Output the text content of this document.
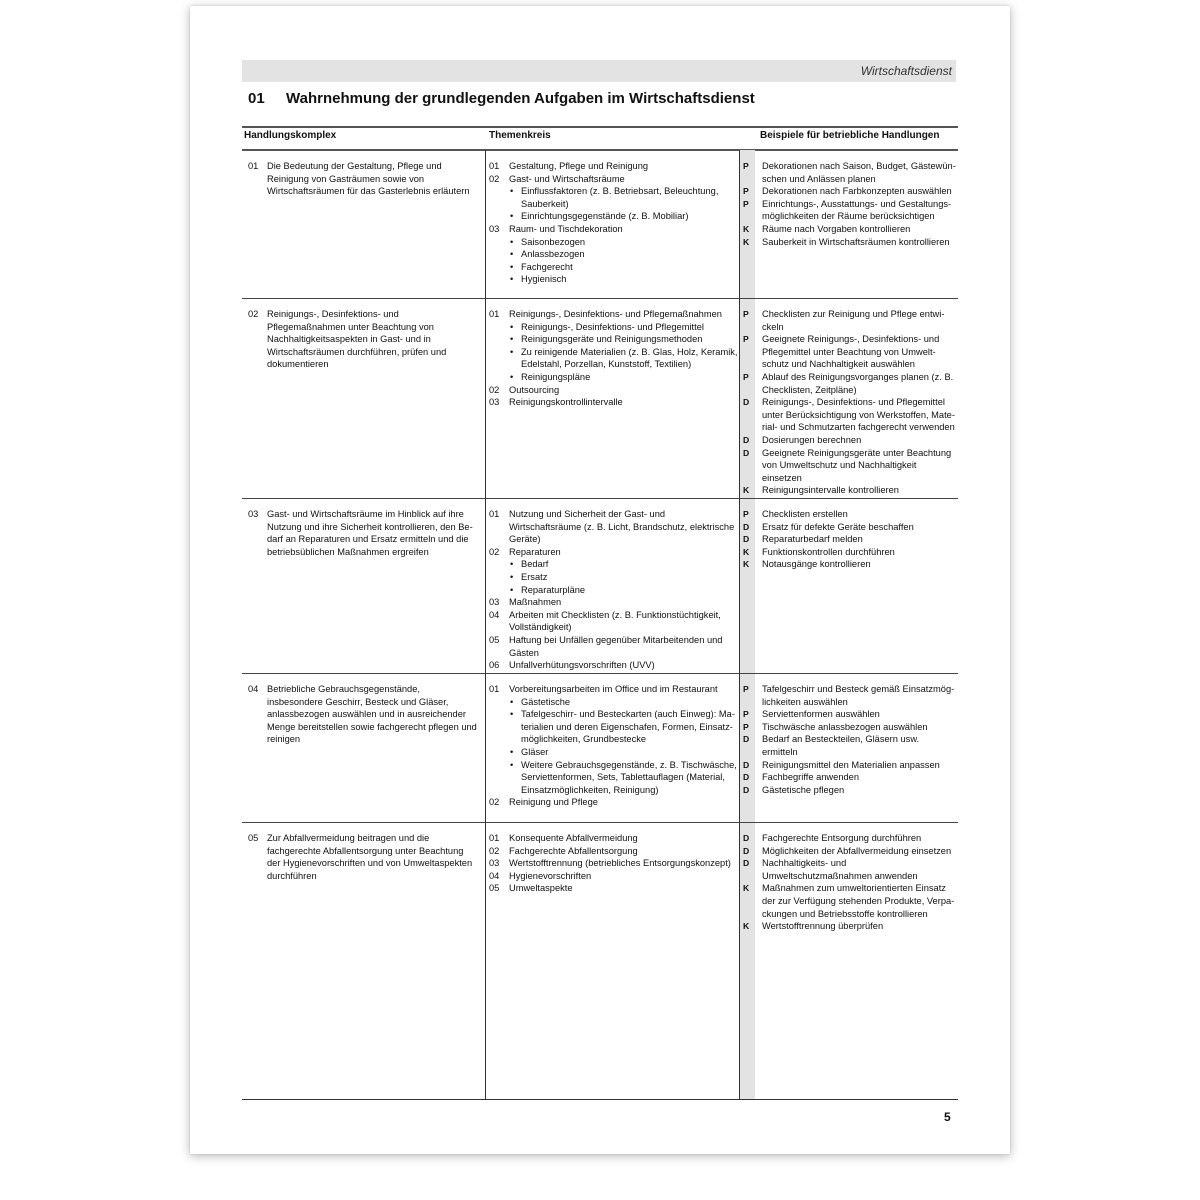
Wirtschaftsdienst
01 Wahrnehmung der grundlegenden Aufgaben im Wirtschaftsdienst
Handlungskomplex	Themenkreis	Beispiele für betriebliche Handlungen
01 Die Bedeutung der Gestaltung, Pflege und Reinigung von Gasträumen sowie von Wirtschaftsräumen für das Gasterlebnis erläutern
01 Gestaltung, Pflege und Reinigung
02 Gast- und Wirtschaftsräume
• Einflussfaktoren (z. B. Betriebsart, Beleuchtung, Sauberkeit)
• Einrichtungsgegenstände (z. B. Mobiliar)
03 Raum- und Tischdekoration
• Saisonbezogen
• Anlassbezogen
• Fachgerecht
• Hygienisch
P Dekorationen nach Saison, Budget, Gästewünschen und Anlässen planen
P Dekorationen nach Farbkonzepten auswählen
P Einrichtungs-, Ausstattungs- und Gestaltungsmöglichkeiten der Räume berücksichtigen
K Räume nach Vorgaben kontrollieren
K Sauberkeit in Wirtschaftsräumen kontrollieren
02 Reinigungs-, Desinfektions- und Pflegemaßnahmen unter Beachtung von Nachhaltigkeitsaspekten in Gast- und in Wirtschaftsräumen durchführen, prüfen und dokumentieren
01 Reinigungs-, Desinfektions- und Pflegemaßnahmen
• Reinigungs-, Desinfektions- und Pflegemittel
• Reinigungsgeräte und Reinigungsmethoden
• Zu reinigende Materialien (z. B. Glas, Holz, Keramik, Edelstahl, Porzellan, Kunststoff, Textilien)
• Reinigungspläne
02 Outsourcing
03 Reinigungskontrollintervalle
P Checklisten zur Reinigung und Pflege entwickeln
P Geeignete Reinigungs-, Desinfektions- und Pflegemittel unter Beachtung von Umweltschutz und Nachhaltigkeit auswählen
P Ablauf des Reinigungsvorganges planen (z. B. Checklisten, Zeitpläne)
D Reinigungs-, Desinfektions- und Pflegemittel unter Berücksichtigung von Werkstoffen, Material- und Schmutzarten fachgerecht verwenden
D Dosierungen berechnen
D Geeignete Reinigungsgeräte unter Beachtung von Umweltschutz und Nachhaltigkeit einsetzen
K Reinigungsintervalle kontrollieren
03 Gast- und Wirtschaftsräume im Hinblick auf ihre Nutzung und ihre Sicherheit kontrollieren, den Bedarf an Reparaturen und Ersatz ermitteln und die betriebsüblichen Maßnahmen ergreifen
01 Nutzung und Sicherheit der Gast- und Wirtschaftsräume (z. B. Licht, Brandschutz, elektrische Geräte)
02 Reparaturen
• Bedarf
• Ersatz
• Reparaturpläne
03 Maßnahmen
04 Arbeiten mit Checklisten (z. B. Funktionstüchtigkeit, Vollständigkeit)
05 Haftung bei Unfällen gegenüber Mitarbeitenden und Gästen
06 Unfallverhütungsvorschriften (UVV)
P Checklisten erstellen
D Ersatz für defekte Geräte beschaffen
D Reparaturbedarf melden
K Funktionskontrollen durchführen
K Notausgänge kontrollieren
04 Betriebliche Gebrauchsgegenstände, insbesondere Geschirr, Besteck und Gläser, anlassbezogen auswählen und in ausreichender Menge bereitstellen sowie fachgerecht pflegen und reinigen
01 Vorbereitungsarbeiten im Office und im Restaurant
• Gästetische
• Tafelgeschirr- und Besteckarten (auch Einweg): Materialien und deren Eigenschafen, Formen, Einsatzmöglichkeiten, Grundbestecke
• Gläser
• Weitere Gebrauchsgegenstände, z. B. Tischwäsche, Serviettenformen, Sets, Tablettauflagen (Material, Einsatzmöglichkeiten, Reinigung)
02 Reinigung und Pflege
P Tafelgeschirr und Besteck gemäß Einsatzmöglichkeiten auswählen
P Serviettenformen auswählen
P Tischwäsche anlassbezogen auswählen
D Bedarf an Besteckteilen, Gläsern usw. ermitteln
D Reinigungsmittel den Materialien anpassen
D Fachbegriffe anwenden
D Gästetische pflegen
05 Zur Abfallvermeidung beitragen und die fachgerechte Abfallentsorgung unter Beachtung der Hygienevorschriften und von Umweltaspekten durchführen
01 Konsequente Abfallvermeidung
02 Fachgerechte Abfallentsorgung
03 Wertstofftrennung (betriebliches Entsorgungskonzept)
04 Hygienevorschriften
05 Umweltaspekte
D Fachgerechte Entsorgung durchführen
D Möglichkeiten der Abfallvermeidung einsetzen
D Nachhaltigkeits- und Umweltschutzmaßnahmen anwenden
K Maßnahmen zum umweltorientierten Einsatz der zur Verfügung stehenden Produkte, Verpackungen und Betriebsstoffe kontrollieren
K Wertstofftrennung überprüfen
5
